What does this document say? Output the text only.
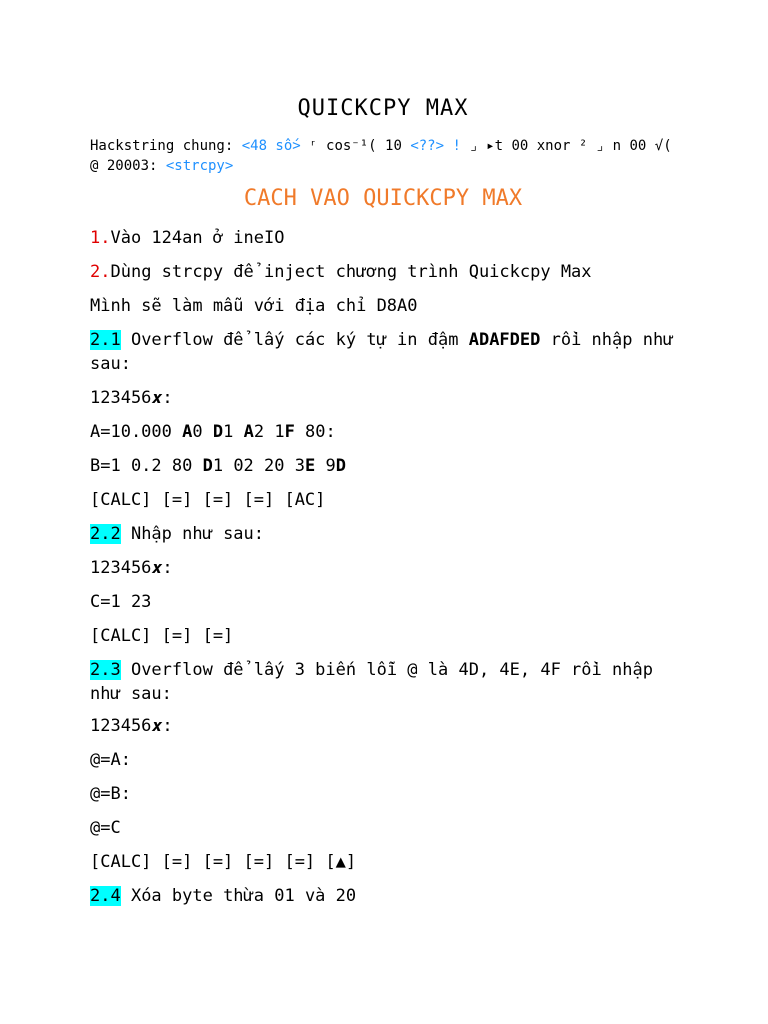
QUICKCPY MAX
Hackstring chung: <48 số> ʳ cos⁻¹( 10 <??> ! ⌟ ▸t 00 xnor ² ⌟ n 00 √( @ 20003: <strcpy>
CACH VAO QUICKCPY MAX
1.Vào 124an ở ineIO
2.Dùng strcpy để inject chương trình Quickcpy Max
Mình sẽ làm mẫu với địa chỉ D8A0
2.1 Overflow để lấy các ký tự in đậm ADAFDED rồi nhập như sau:
123456𝒙:
A=10.000 A0 D1 A2 1F 80:
B=1 0.2 80 D1 02 20 3E 9D
[CALC] [=] [=] [=] [AC]
2.2 Nhập như sau:
123456𝒙:
C=1 23
[CALC] [=] [=]
2.3 Overflow để lấy 3 biến lỗi @ là 4D, 4E, 4F rồi nhập như sau:
123456𝒙:
@=A:
@=B:
@=C
[CALC] [=] [=] [=] [=] [▲]
2.4 Xóa byte thừa 01 và 20
